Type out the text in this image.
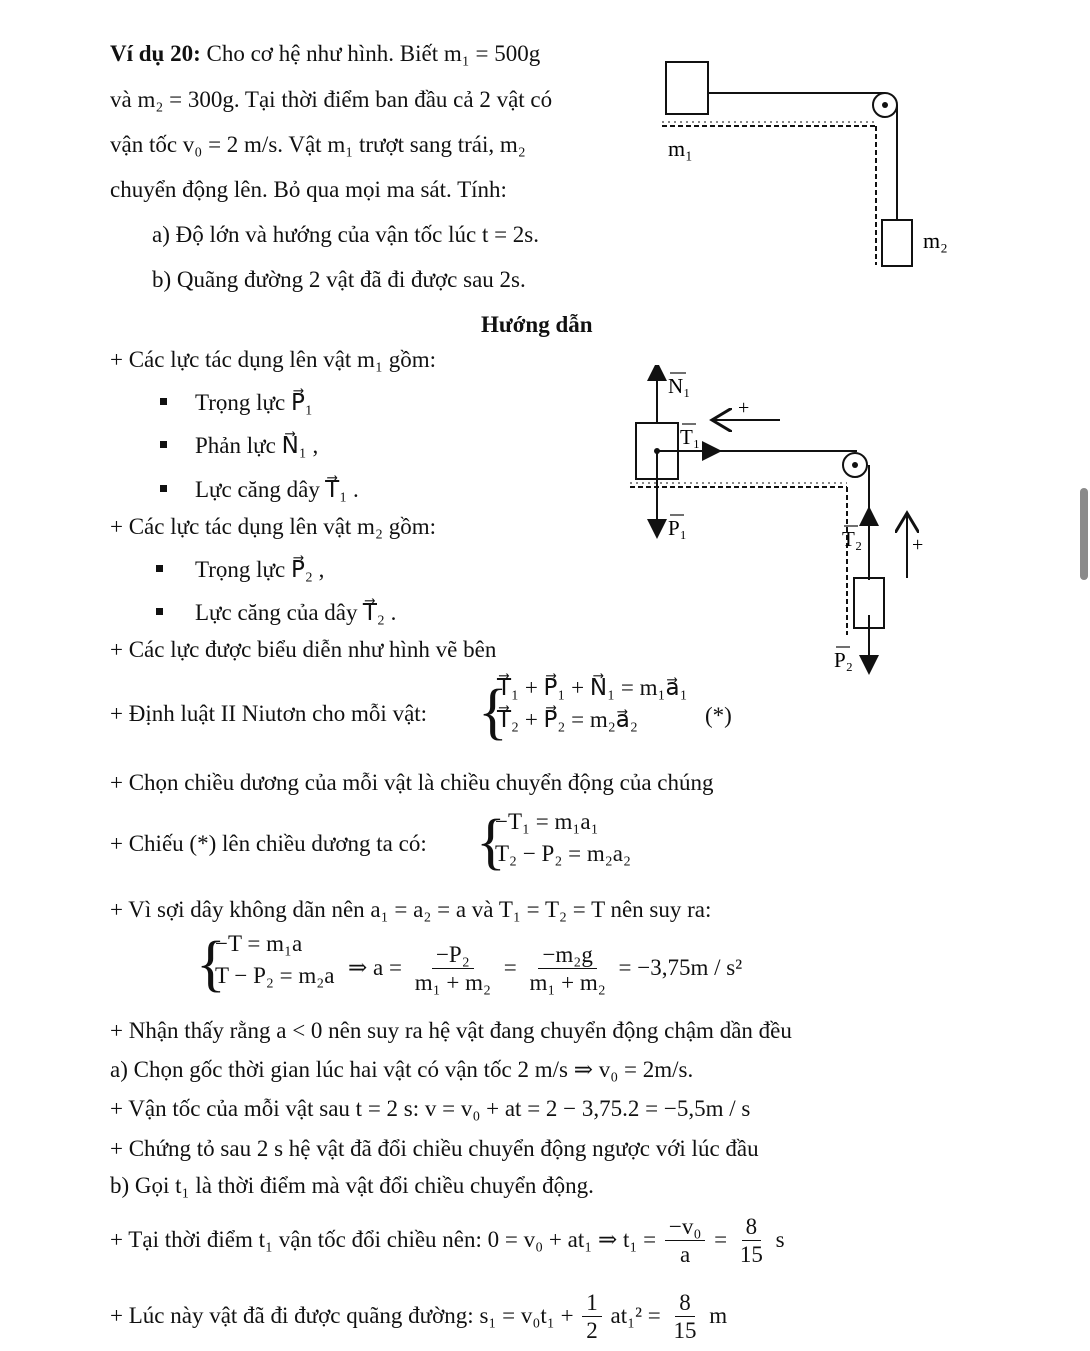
Ví dụ 20: Cho cơ hệ như hình. Biết m₁ = 500g
và m₂ = 300g. Tại thời điểm ban đầu cả 2 vật có
vận tốc v₀ = 2 m/s. Vật m₁ trượt sang trái, m₂
chuyển động lên. Bỏ qua mọi ma sát. Tính:
a) Độ lớn và hướng của vận tốc lúc t = 2s.
b) Quãng đường 2 vật đã đi được sau 2s.
m₁
m₂
Hướng dẫn
+ Các lực tác dụng lên vật m₁ gồm:
Trọng lực P⃗₁
Phản lực N⃗₁ ,
Lực căng dây T⃗₁ .
+ Các lực tác dụng lên vật m₂ gồm:
Trọng lực P⃗₂ ,
Lực căng của dây T⃗₂ .
+ Các lực được biểu diễn như hình vẽ bên
+
+
N₁
T₁
P₁	T₂
P₂
+ Định luật II Niutơn cho mỗi vật: {
T⃗₁ + P⃗₁ + N⃗₁ = m₁a⃗₁
T⃗₂ + P⃗₂ = m₂a⃗₂	(*)
+ Chọn chiều dương của mỗi vật là chiều chuyển động của chúng
+ Chiếu (*) lên chiều dương ta có: {
−T₁ = m₁a₁
T₂ − P₂ = m₂a₂
+ Vì sợi dây không dãn nên a₁ = a₂ = a và T₁ = T₂ = T nên suy ra:
{
−T = m₁a
T − P₂ = m₂a ⇒ $a = \frac{\text{−P₂}}{\text{m₁ + m₂}} = \frac{\text{−m₂g}}{\text{m₁ + m₂}} = -3,75m / s^2$
+ Nhận thấy rằng a < 0 nên suy ra hệ vật đang chuyển động chậm dần đều
a) Chọn gốc thời gian lúc hai vật có vận tốc 2 m/s ⇒ v₀ = 2m/s.
+ Vận tốc của mỗi vật sau t = 2 s: v = v₀ + at = 2 − 3,75.2 = −5,5m / s
+ Chứng tỏ sau 2 s hệ vật đã đổi chiều chuyển động ngược với lúc đầu
b) Gọi t₁ là thời điểm mà vật đổi chiều chuyển động.
+ Tại thời điểm t₁ vận tốc đổi chiều nên: 0 = v₀ + at₁ ⇒ $t_1 = \frac{\text{−v₀}}{a} = \frac{8}{15}$ s
+ Lúc này vật đã đi được quãng đường: $s_1 = v_0t_1 + \frac{1}{2} at_1^2 = \frac{8}{15}$ m
